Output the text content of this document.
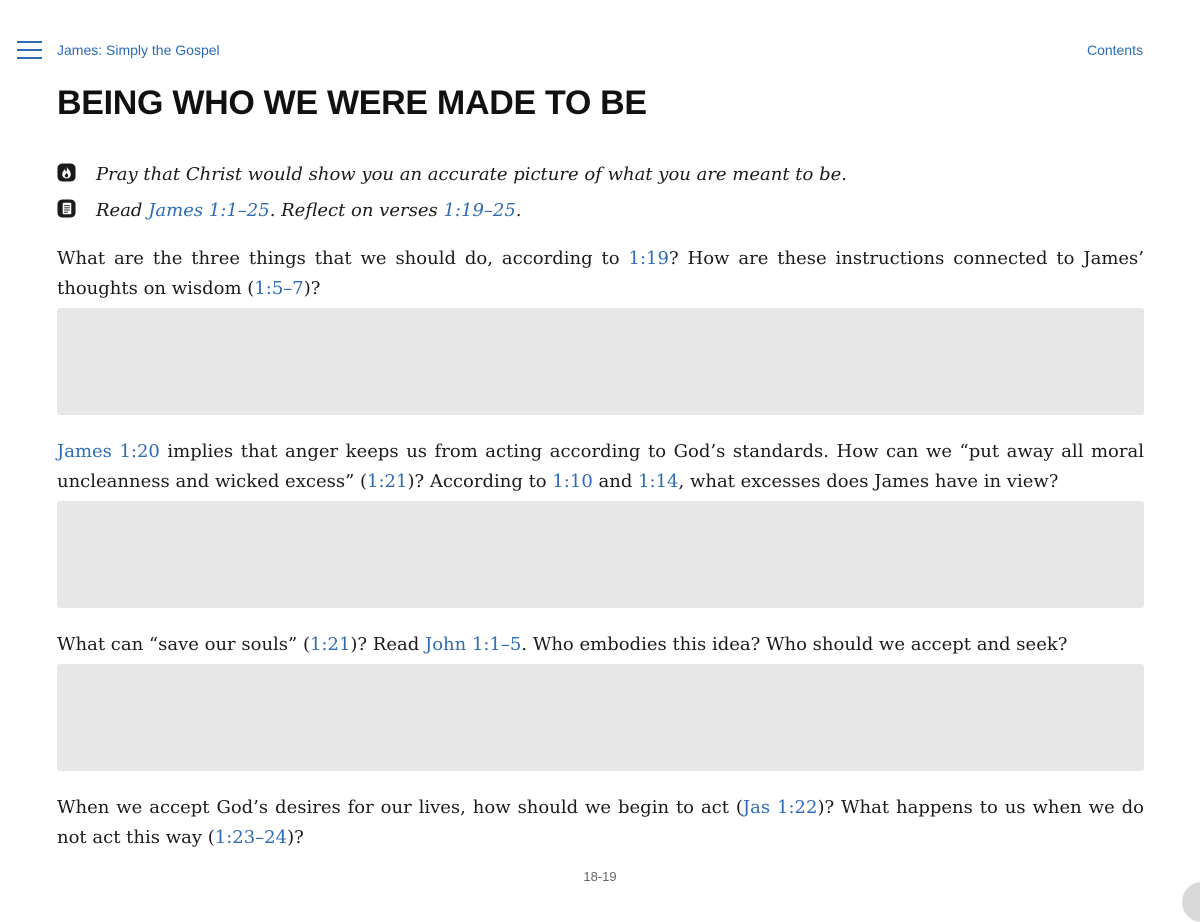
James: Simply the Gospel	Contents
BEING WHO WE WERE MADE TO BE
Pray that Christ would show you an accurate picture of what you are meant to be.
Read James 1:1–25. Reflect on verses 1:19–25.

What are the three things that we should do, according to 1:19? How are these instructions connected to James’ thoughts on wisdom (1:5–7)?

James 1:20 implies that anger keeps us from acting according to God’s standards. How can we “put away all moral uncleanness and wicked excess” (1:21)? According to 1:10 and 1:14, what excesses does James have in view?

What can “save our souls” (1:21)? Read John 1:1–5. Who embodies this idea? Who should we accept and seek?

When we accept God’s desires for our lives, how should we begin to act (Jas 1:22)? What happens to us when we do not act this way (1:23–24)?

18-19
